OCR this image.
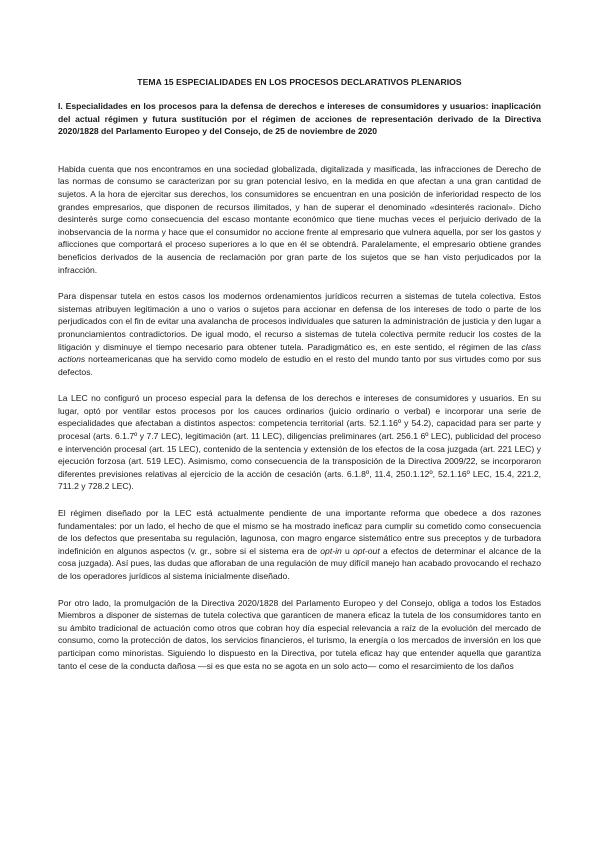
TEMA 15 ESPECIALIDADES EN LOS PROCESOS DECLARATIVOS PLENARIOS
I. Especialidades en los procesos para la defensa de derechos e intereses de consumidores y usuarios: inaplicación del actual régimen y futura sustitución por el régimen de acciones de representación derivado de la Directiva 2020/1828 del Parlamento Europeo y del Consejo, de 25 de noviembre de 2020

Habida cuenta que nos encontramos en una sociedad globalizada, digitalizada y masificada, las infracciones de Derecho de las normas de consumo se caracterizan por su gran potencial lesivo, en la medida en que afectan a una gran cantidad de sujetos. A la hora de ejercitar sus derechos, los consumidores se encuentran en una posición de inferioridad respecto de los grandes empresarios, que disponen de recursos ilimitados, y han de superar el denominado «desinterés racional». Dicho desinterés surge como consecuencia del escaso montante económico que tiene muchas veces el perjuicio derivado de la inobservancia de la norma y hace que el consumidor no accione frente al empresario que vulnera aquella, por ser los gastos y aflicciones que comportará el proceso superiores a lo que en él se obtendrá. Paralelamente, el empresario obtiene grandes beneficios derivados de la ausencia de reclamación por gran parte de los sujetos que se han visto perjudicados por la infracción.

Para dispensar tutela en estos casos los modernos ordenamientos jurídicos recurren a sistemas de tutela colectiva. Estos sistemas atribuyen legitimación a uno o varios o sujetos para accionar en defensa de los intereses de todo o parte de los perjudicados con el fin de evitar una avalancha de procesos individuales que saturen la administración de justicia y den lugar a pronunciamientos contradictorios. De igual modo, el recurso a sistemas de tutela colectiva permite reducir los costes de la litigación y disminuye el tiempo necesario para obtener tutela. Paradigmático es, en este sentido, el régimen de las class actions norteamericanas que ha servido como modelo de estudio en el resto del mundo tanto por sus virtudes como por sus defectos.

La LEC no configuró un proceso especial para la defensa de los derechos e intereses de consumidores y usuarios. En su lugar, optó por ventilar estos procesos por los cauces ordinarios (juicio ordinario o verbal) e incorporar una serie de especialidades que afectaban a distintos aspectos: competencia territorial (arts. 52.1.16º y 54.2), capacidad para ser parte y procesal (arts. 6.1.7º y 7.7 LEC), legitimación (art. 11 LEC), diligencias preliminares (art. 256.1 6º LEC), publicidad del proceso e intervención procesal (art. 15 LEC), contenido de la sentencia y extensión de los efectos de la cosa juzgada (art. 221 LEC) y ejecución forzosa (art. 519 LEC). Asimismo, como consecuencia de la transposición de la Directiva 2009/22, se incorporaron diferentes previsiones relativas al ejercicio de la acción de cesación (arts. 6.1.8º, 11.4, 250.1.12º, 52.1.16º LEC, 15.4, 221.2, 711.2 y 728.2 LEC).

El régimen diseñado por la LEC está actualmente pendiente de una importante reforma que obedece a dos razones fundamentales: por un lado, el hecho de que el mismo se ha mostrado ineficaz para cumplir su cometido como consecuencia de los defectos que presentaba su regulación, lagunosa, con magro engarce sistemático entre sus preceptos y de turbadora indefinición en algunos aspectos (v. gr., sobre si el sistema era de opt-in u opt-out a efectos de determinar el alcance de la cosa juzgada). Así pues, las dudas que afloraban de una regulación de muy difícil manejo han acabado provocando el rechazo de los operadores jurídicos al sistema inicialmente diseñado.

Por otro lado, la promulgación de la Directiva 2020/1828 del Parlamento Europeo y del Consejo, obliga a todos los Estados Miembros a disponer de sistemas de tutela colectiva que garanticen de manera eficaz la tutela de los consumidores tanto en su ámbito tradicional de actuación como otros que cobran hoy día especial relevancia a raíz de la evolución del mercado de consumo, como la protección de datos, los servicios financieros, el turismo, la energía o los mercados de inversión en los que participan como minoristas. Siguiendo lo dispuesto en la Directiva, por tutela eficaz hay que entender aquella que garantiza tanto el cese de la conducta dañosa —si es que esta no se agota en un solo acto— como el resarcimiento de los daños
